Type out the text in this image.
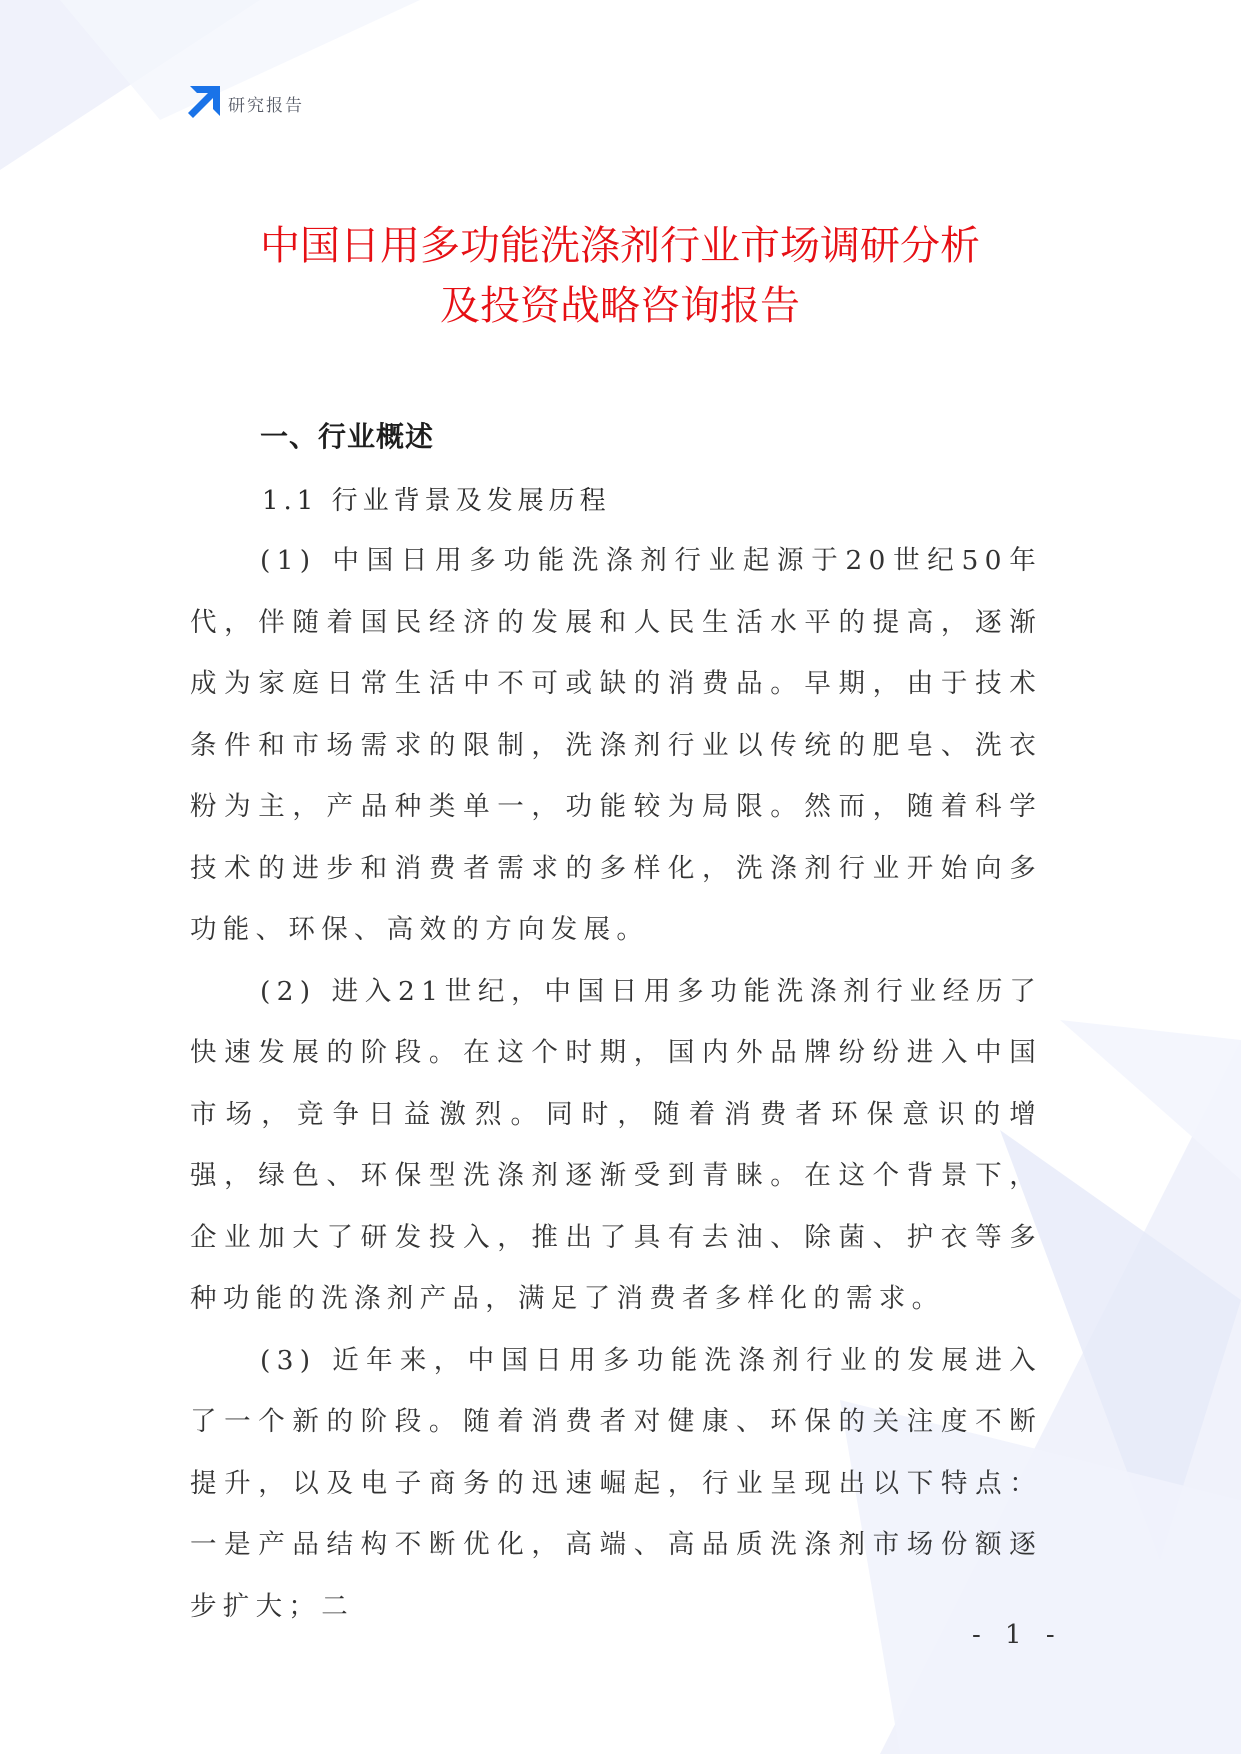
研究报告
中国日用多功能洗涤剂行业市场调研分析
及投资战略咨询报告
一、行业概述
1.1 行业背景及发展历程

(1) 中国日用多功能洗涤剂行业起源于20世纪50年代，伴随着国民经济的发展和人民生活水平的提高，逐渐成为家庭日常生活中不可或缺的消费品。早期，由于技术条件和市场需求的限制，洗涤剂行业以传统的肥皂、洗衣粉为主，产品种类单一，功能较为局限。然而，随着科学技术的进步和消费者需求的多样化，洗涤剂行业开始向多功能、环保、高效的方向发展。

(2) 进入21世纪，中国日用多功能洗涤剂行业经历了快速发展的阶段。在这个时期，国内外品牌纷纷进入中国市场，竞争日益激烈。同时，随着消费者环保意识的增强，绿色、环保型洗涤剂逐渐受到青睐。在这个背景下，企业加大了研发投入，推出了具有去油、除菌、护衣等多种功能的洗涤剂产品，满足了消费者多样化的需求。

(3) 近年来，中国日用多功能洗涤剂行业的发展进入了一个新的阶段。随着消费者对健康、环保的关注度不断提升，以及电子商务的迅速崛起，行业呈现出以下特点：一是产品结构不断优化，高端、高品质洗涤剂市场份额逐步扩大；二

- 1 -
